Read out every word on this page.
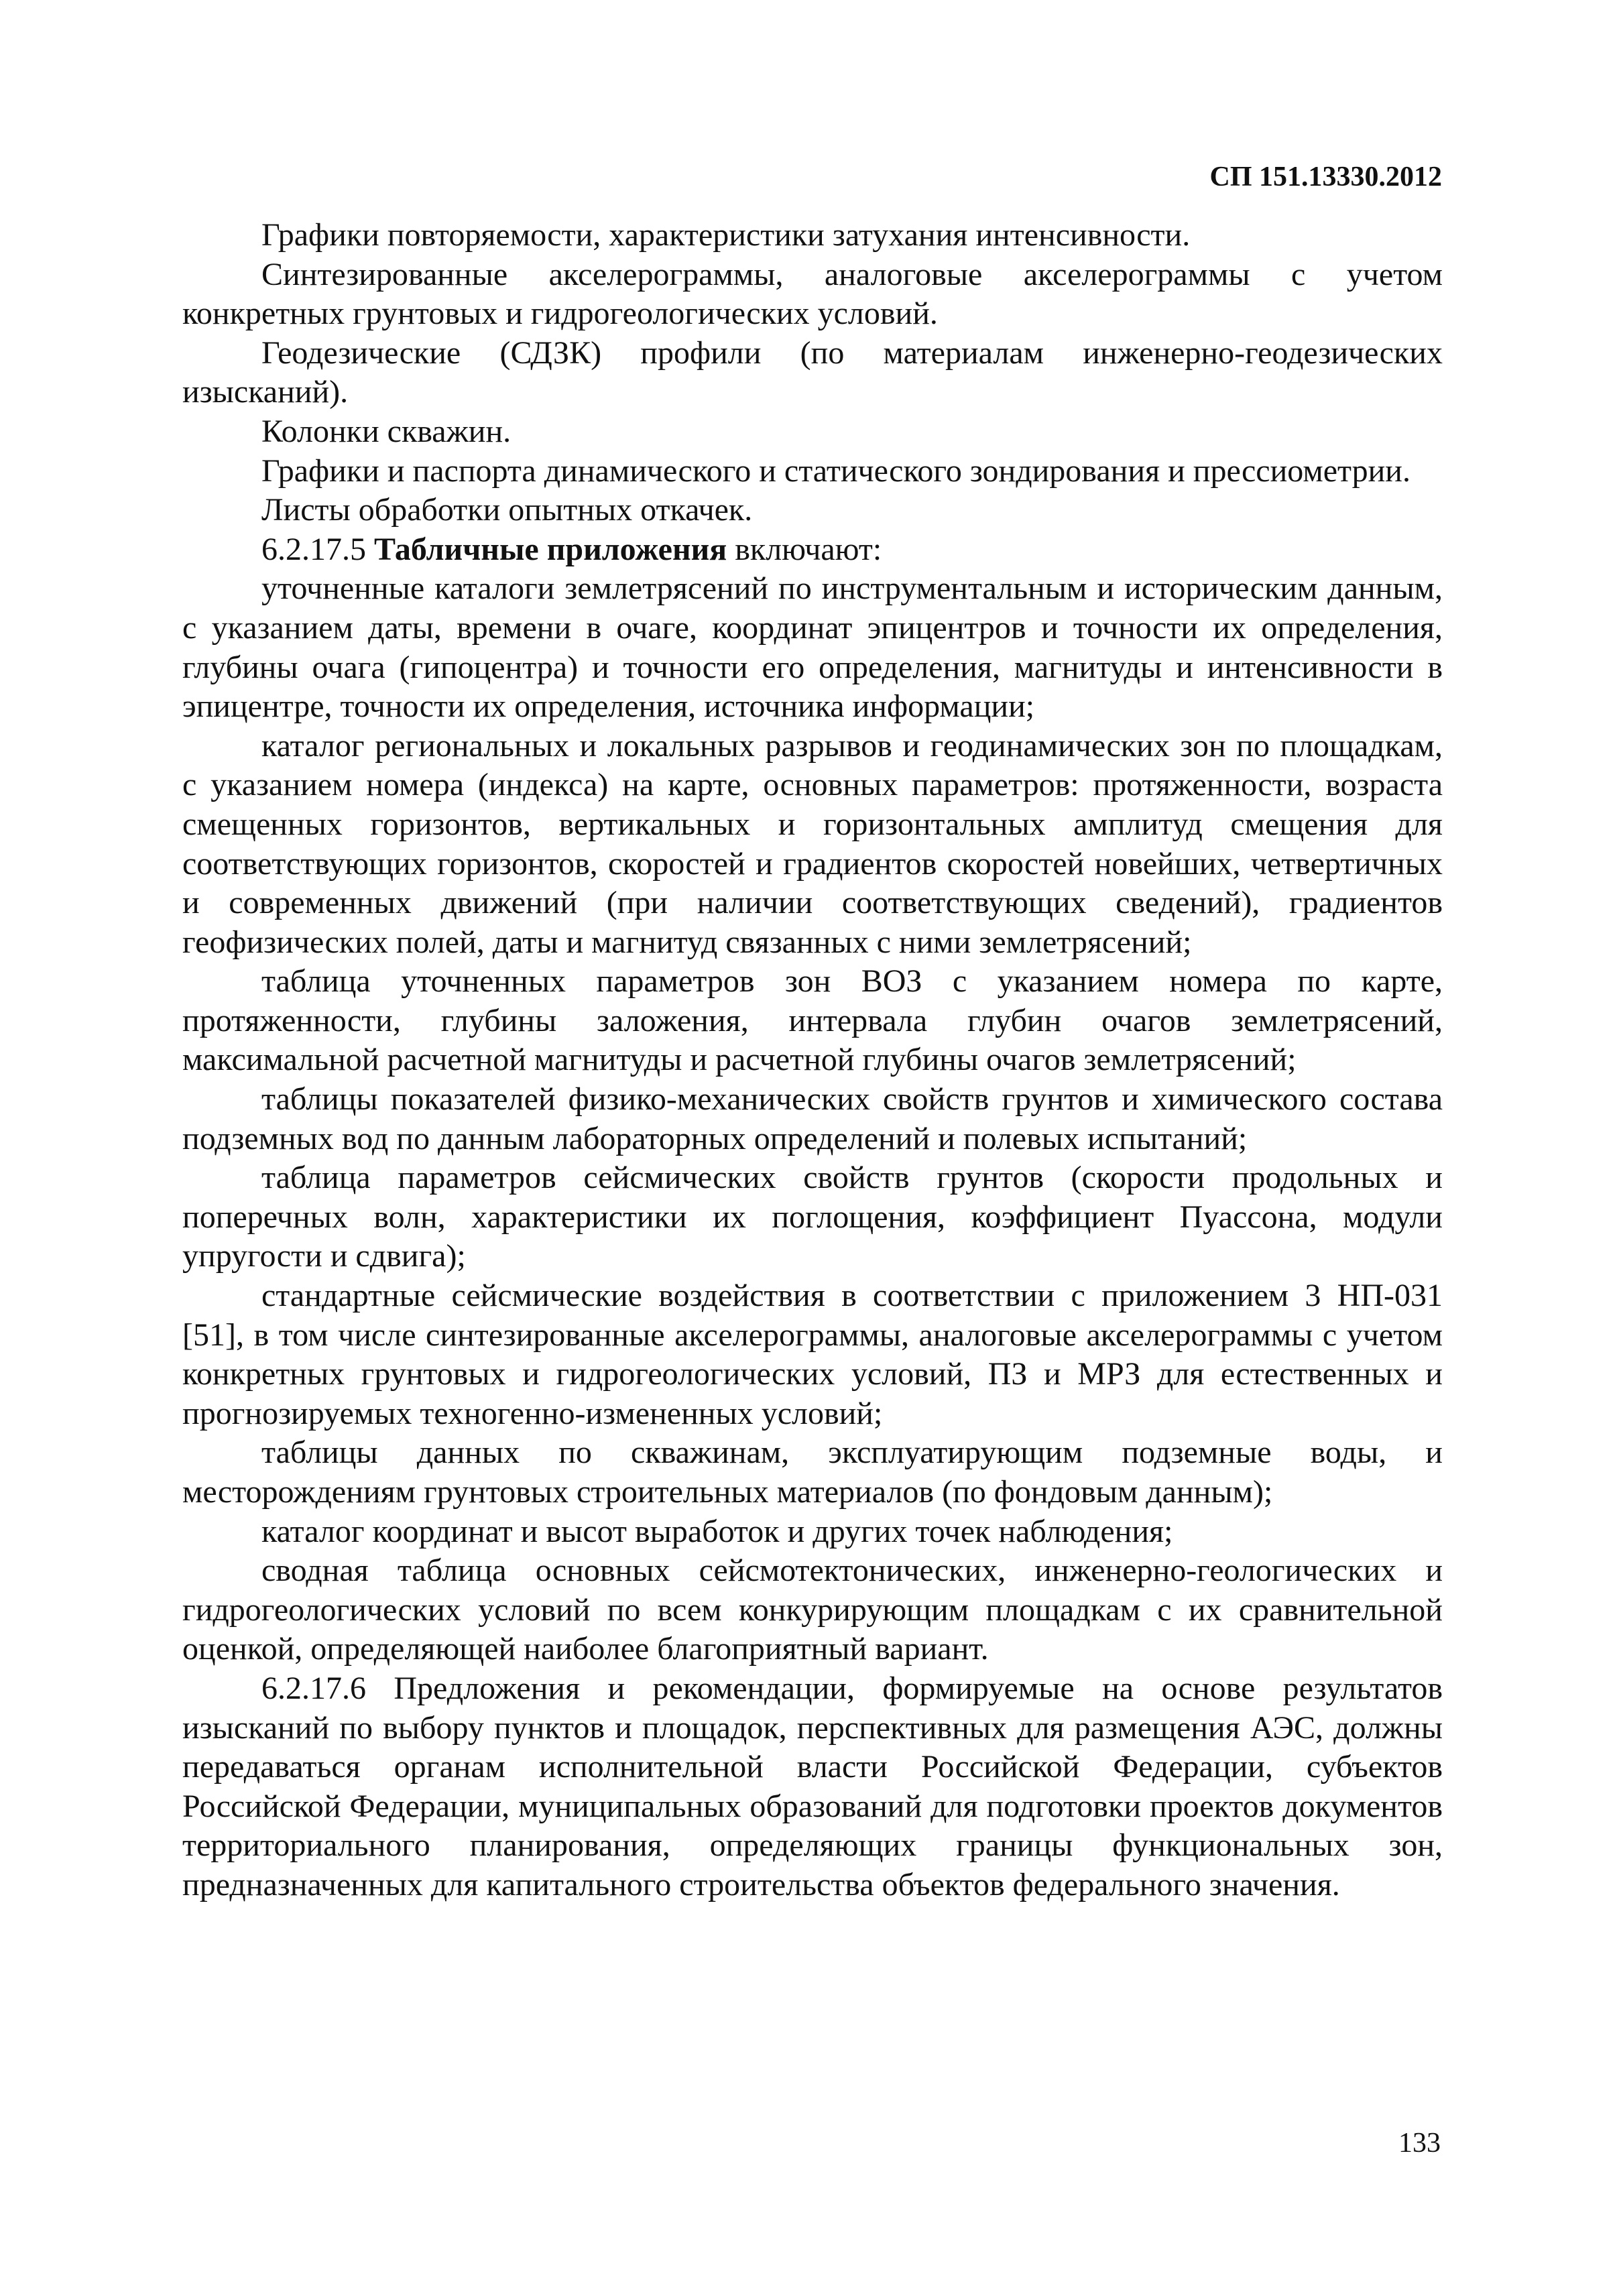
СП 151.13330.2012

Графики повторяемости, характеристики затухания интенсивности.

Синтезированные акселерограммы, аналоговые акселерограммы с учетом конкретных грунтовых и гидрогеологических условий.

Геодезические (СДЗК) профили (по материалам инженерно-геодезических изысканий).

Колонки скважин.

Графики и паспорта динамического и статического зондирования и прессиометрии.

Листы обработки опытных откачек.

6.2.17.5 Табличные приложения включают:

уточненные каталоги землетрясений по инструментальным и историческим данным, с указанием даты, времени в очаге, координат эпицентров и точности их определения, глубины очага (гипоцентра) и точности его определения, магнитуды и интенсивности в эпицентре, точности их определения, источника информации;

каталог региональных и локальных разрывов и геодинамических зон по площадкам, с указанием номера (индекса) на карте, основных параметров: протяженности, возраста смещенных горизонтов, вертикальных и горизонтальных амплитуд смещения для соответствующих горизонтов, скоростей и градиентов скоростей новейших, четвертичных и современных движений (при наличии соответствующих сведений), градиентов геофизических полей, даты и магнитуд связанных с ними землетрясений;

таблица уточненных параметров зон ВОЗ с указанием номера по карте, протяженности, глубины заложения, интервала глубин очагов землетрясений, максимальной расчетной магнитуды и расчетной глубины очагов землетрясений;

таблицы показателей физико-механических свойств грунтов и химического состава подземных вод по данным лабораторных определений и полевых испытаний;

таблица параметров сейсмических свойств грунтов (скорости продольных и поперечных волн, характеристики их поглощения, коэффициент Пуассона, модули упругости и сдвига);

стандартные сейсмические воздействия в соответствии с приложением 3 НП-031 [51], в том числе синтезированные акселерограммы, аналоговые акселерограммы с учетом конкретных грунтовых и гидрогеологических условий, ПЗ и МРЗ для естественных и прогнозируемых техногенно-измененных условий;

таблицы данных по скважинам, эксплуатирующим подземные воды, и месторождениям грунтовых строительных материалов (по фондовым данным);

каталог координат и высот выработок и других точек наблюдения;

сводная таблица основных сейсмотектонических, инженерно-геологических и гидрогеологических условий по всем конкурирующим площадкам с их сравнительной оценкой, определяющей наиболее благоприятный вариант.

6.2.17.6 Предложения и рекомендации, формируемые на основе результатов изысканий по выбору пунктов и площадок, перспективных для размещения АЭС, должны передаваться органам исполнительной власти Российской Федерации, субъектов Российской Федерации, муниципальных образований для подготовки проектов документов территориального планирования, определяющих границы функциональных зон, предназначенных для капитального строительства объектов федерального значения.

133
